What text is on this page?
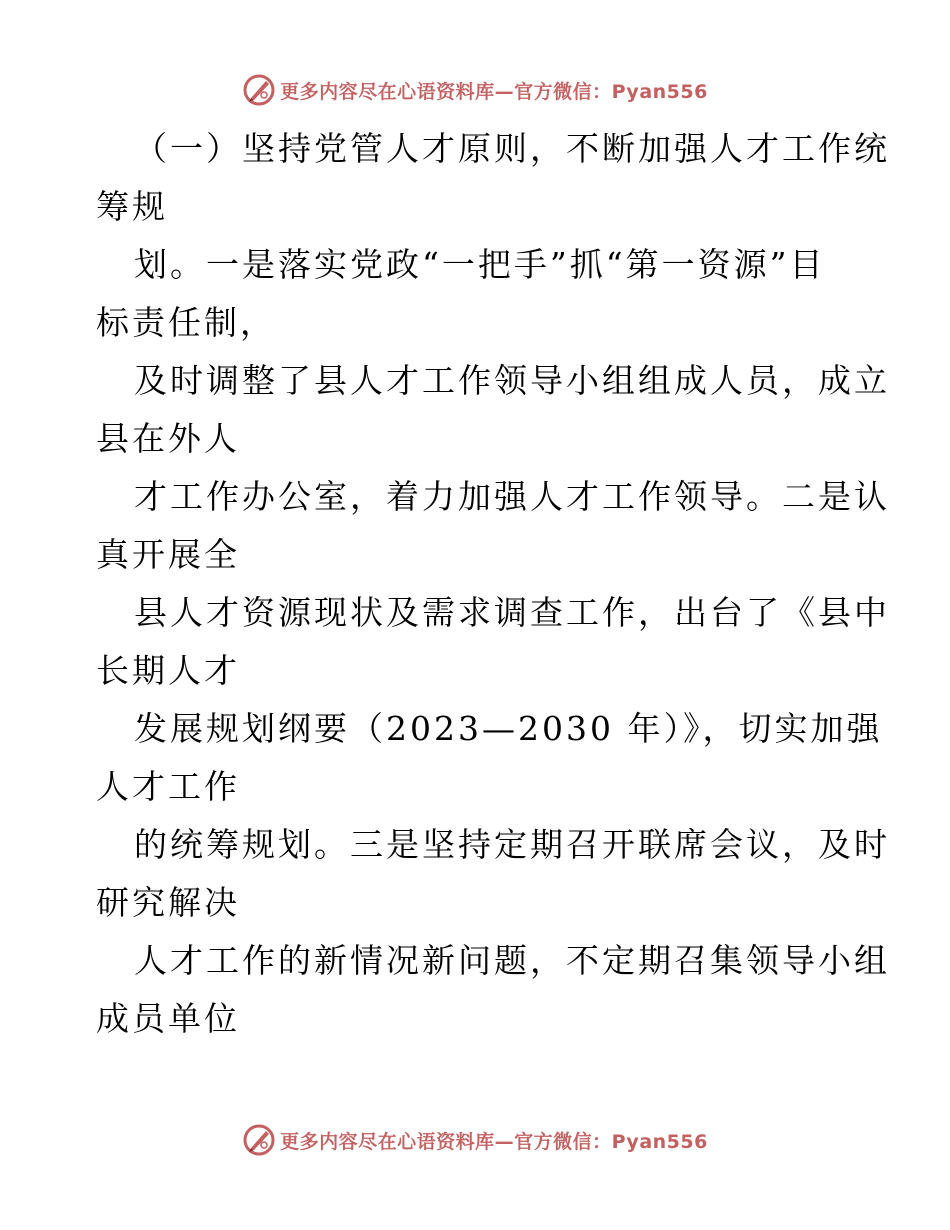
更多内容尽在心语资料库—官方微信：Pyan556
（一）坚持党管人才原则，不断加强人才工作统
筹规
划。一是落实党政“一把手”抓“第一资源”目
标责任制，
及时调整了县人才工作领导小组组成人员，成立
县在外人
才工作办公室，着力加强人才工作领导。二是认
真开展全
县人才资源现状及需求调查工作，出台了《县中
长期人才
发展规划纲要（2023—2030 年）》，切实加强
人才工作
的统筹规划。三是坚持定期召开联席会议，及时
研究解决
人才工作的新情况新问题，不定期召集领导小组
成员单位
更多内容尽在心语资料库—官方微信：Pyan556
